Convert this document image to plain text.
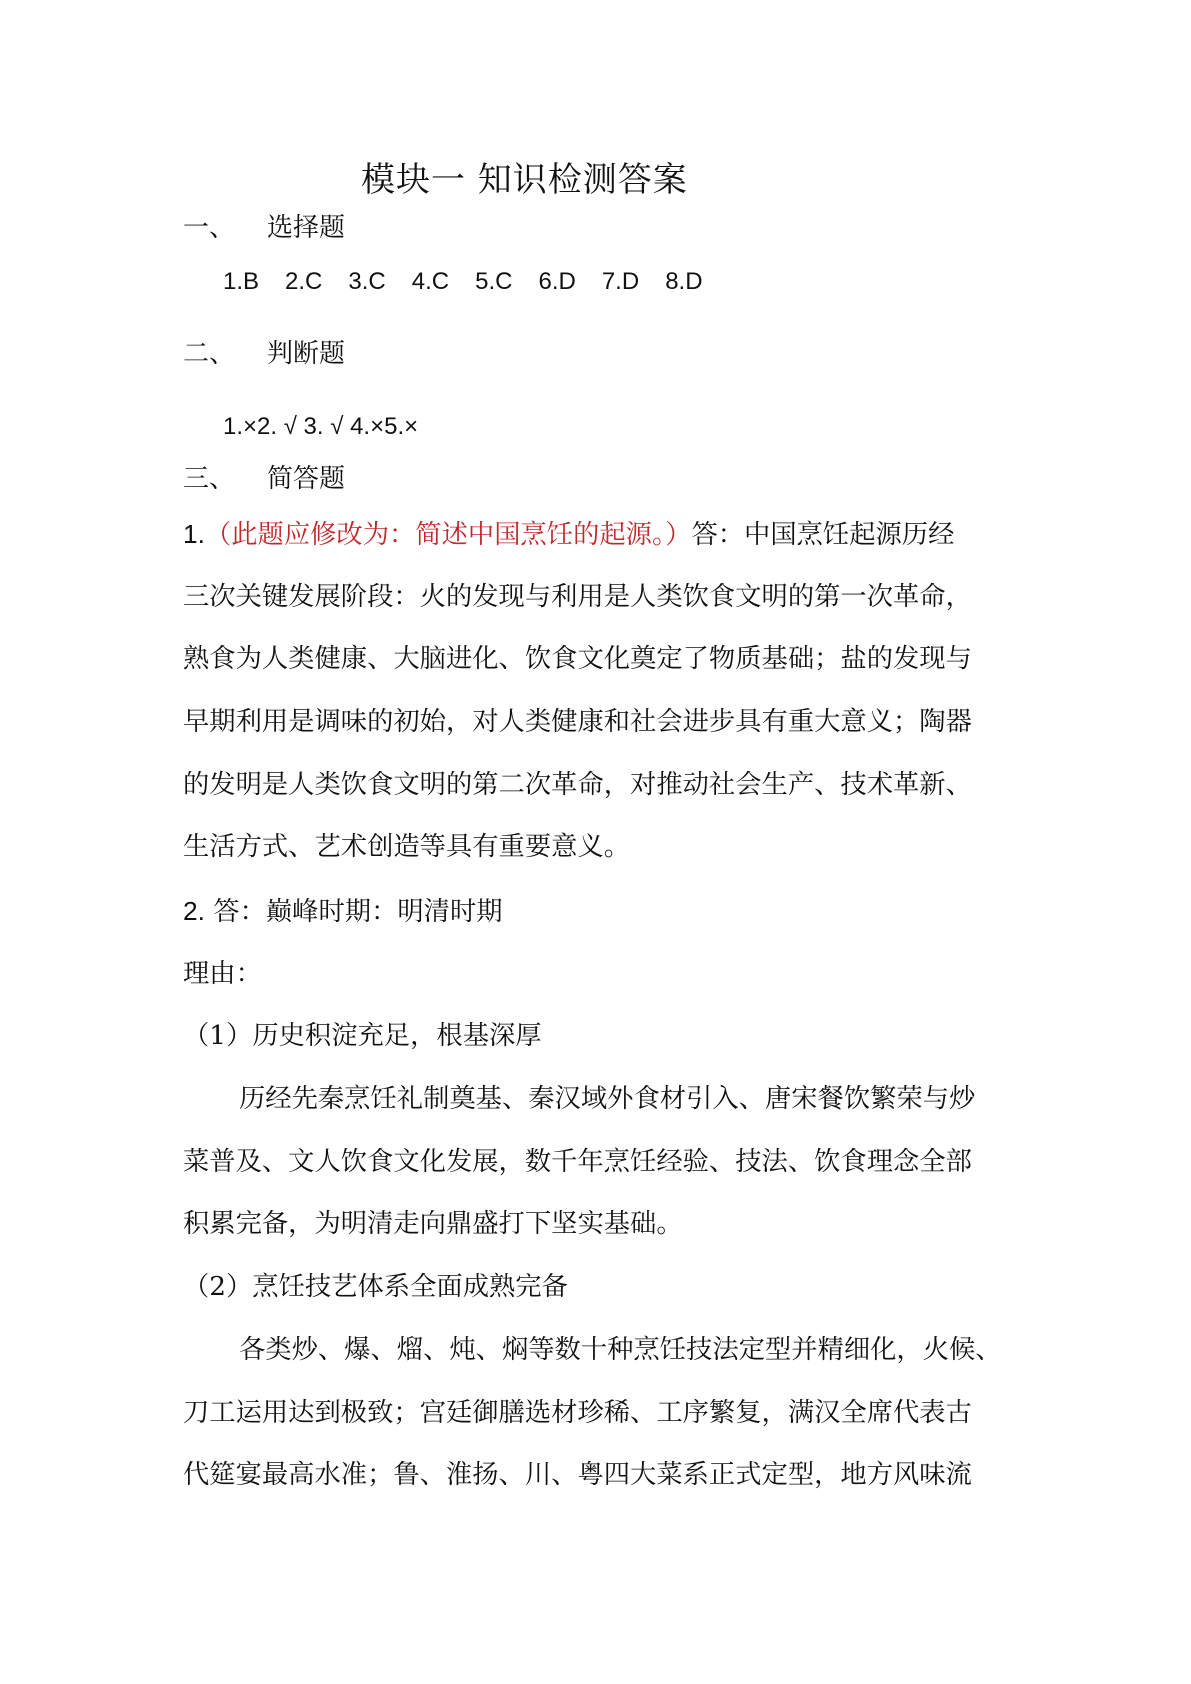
模块一 知识检测答案
一、 选择题
1.B 2.C 3.C 4.C 5.C 6.D 7.D 8.D
二、 判断题
1.×2. √ 3. √ 4.×5.×
三、 简答题
1.（此题应修改为：简述中国烹饪的起源。）答：中国烹饪起源历经
三次关键发展阶段：火的发现与利用是人类饮食文明的第一次革命，
熟食为人类健康、大脑进化、饮食文化奠定了物质基础；盐的发现与
早期利用是调味的初始，对人类健康和社会进步具有重大意义；陶器
的发明是人类饮食文明的第二次革命，对推动社会生产、技术革新、
生活方式、艺术创造等具有重要意义。
2. 答：巅峰时期：明清时期
理由：
（1）历史积淀充足，根基深厚
历经先秦烹饪礼制奠基、秦汉域外食材引入、唐宋餐饮繁荣与炒
菜普及、文人饮食文化发展，数千年烹饪经验、技法、饮食理念全部
积累完备，为明清走向鼎盛打下坚实基础。
（2）烹饪技艺体系全面成熟完备
各类炒、爆、熘、炖、焖等数十种烹饪技法定型并精细化，火候、
刀工运用达到极致；宫廷御膳选材珍稀、工序繁复，满汉全席代表古
代筵宴最高水准；鲁、淮扬、川、粤四大菜系正式定型，地方风味流
